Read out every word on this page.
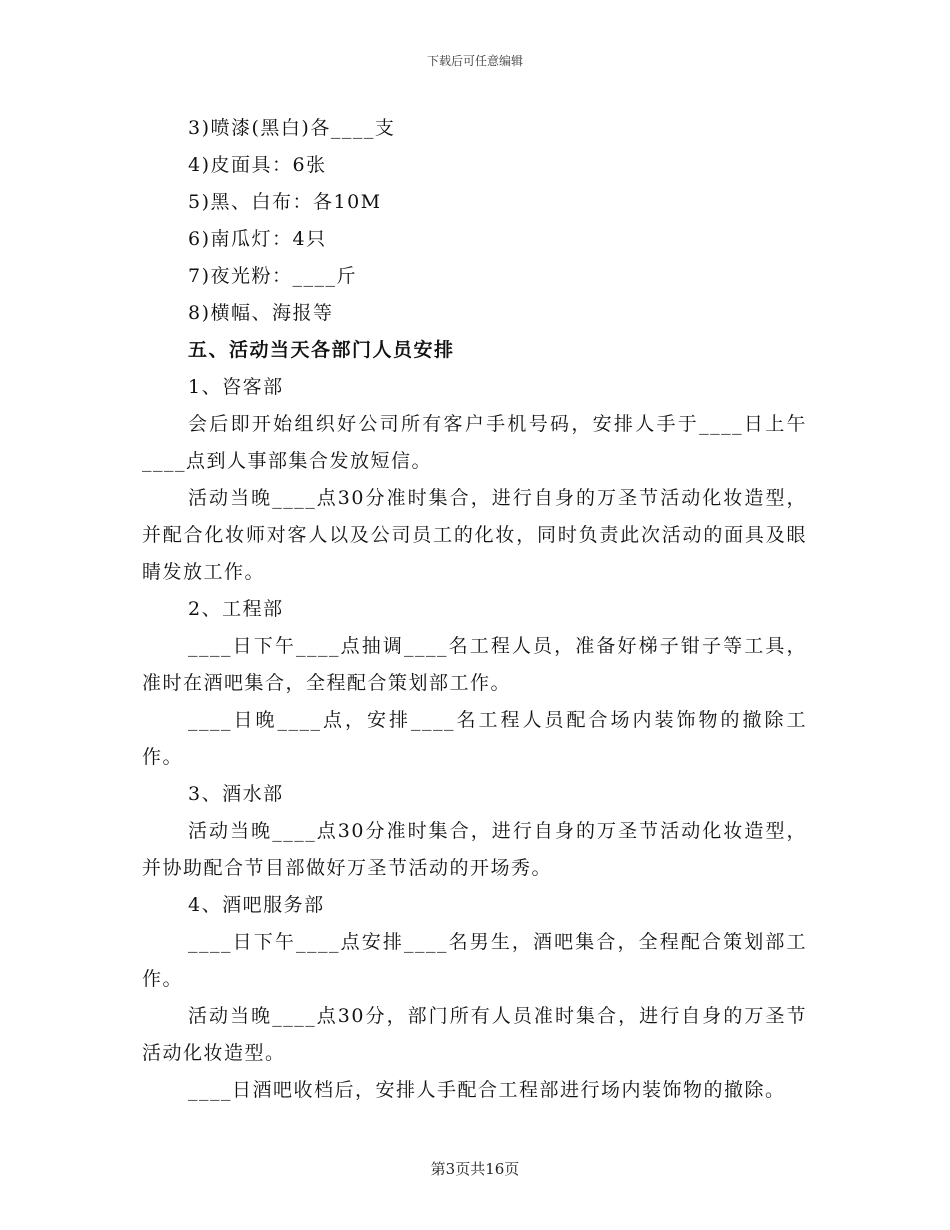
下载后可任意编辑
3)喷漆(黑白)各____支
4)皮面具：6张
5)黑、白布：各10M
6)南瓜灯：4只
7)夜光粉：____斤
8)横幅、海报等
五、活动当天各部门人员安排
1、咨客部
会后即开始组织好公司所有客户手机号码，安排人手于____日上午____点到人事部集合发放短信。
活动当晚____点30分准时集合，进行自身的万圣节活动化妆造型，并配合化妆师对客人以及公司员工的化妆，同时负责此次活动的面具及眼睛发放工作。
2、工程部
____日下午____点抽调____名工程人员，准备好梯子钳子等工具，准时在酒吧集合，全程配合策划部工作。
____日晚____点，安排____名工程人员配合场内装饰物的撤除工作。
3、酒水部
活动当晚____点30分准时集合，进行自身的万圣节活动化妆造型，并协助配合节目部做好万圣节活动的开场秀。
4、酒吧服务部
____日下午____点安排____名男生，酒吧集合，全程配合策划部工作。
活动当晚____点30分，部门所有人员准时集合，进行自身的万圣节活动化妆造型。
____日酒吧收档后，安排人手配合工程部进行场内装饰物的撤除。
第3页共16页
